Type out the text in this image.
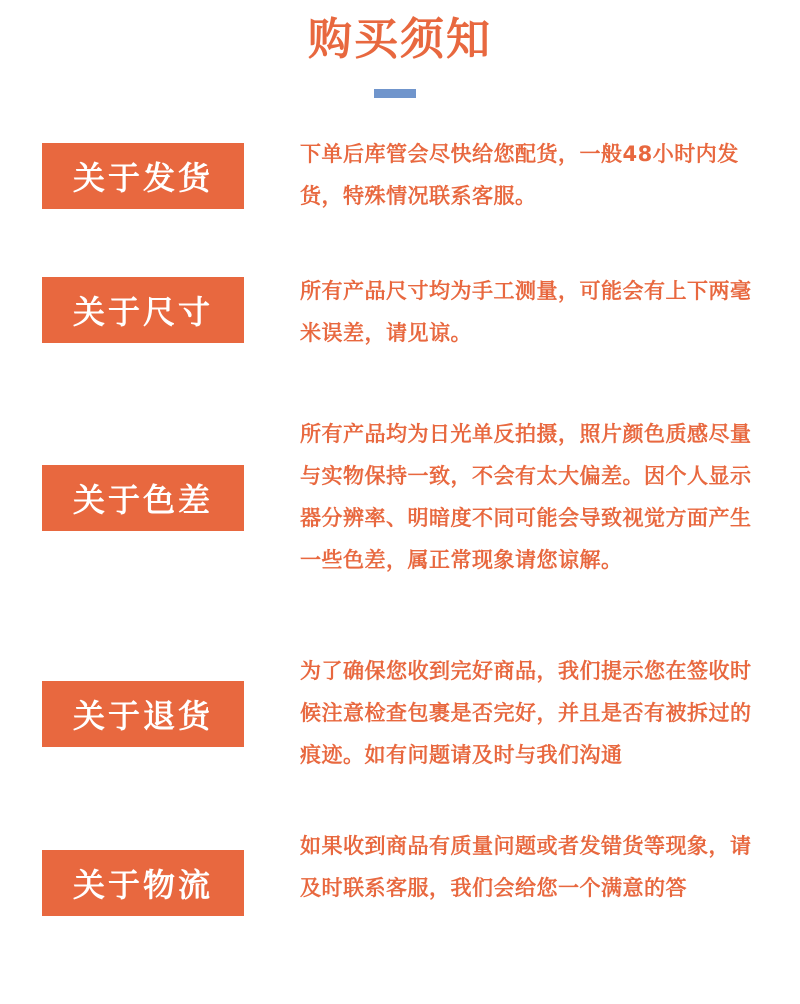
购买须知
关于发货
下单后库管会尽快给您配货，一般48小时内发货，特殊情况联系客服。
关于尺寸
所有产品尺寸均为手工测量，可能会有上下两毫米误差，请见谅。
关于色差
所有产品均为日光单反拍摄，照片颜色质感尽量与实物保持一致，不会有太大偏差。因个人显示器分辨率、明暗度不同可能会导致视觉方面产生一些色差，属正常现象请您谅解。
关于退货
为了确保您收到完好商品，我们提示您在签收时候注意检查包裹是否完好，并且是否有被拆过的痕迹。如有问题请及时与我们沟通
关于物流
如果收到商品有质量问题或者发错货等现象，请及时联系客服，我们会给您一个满意的答
